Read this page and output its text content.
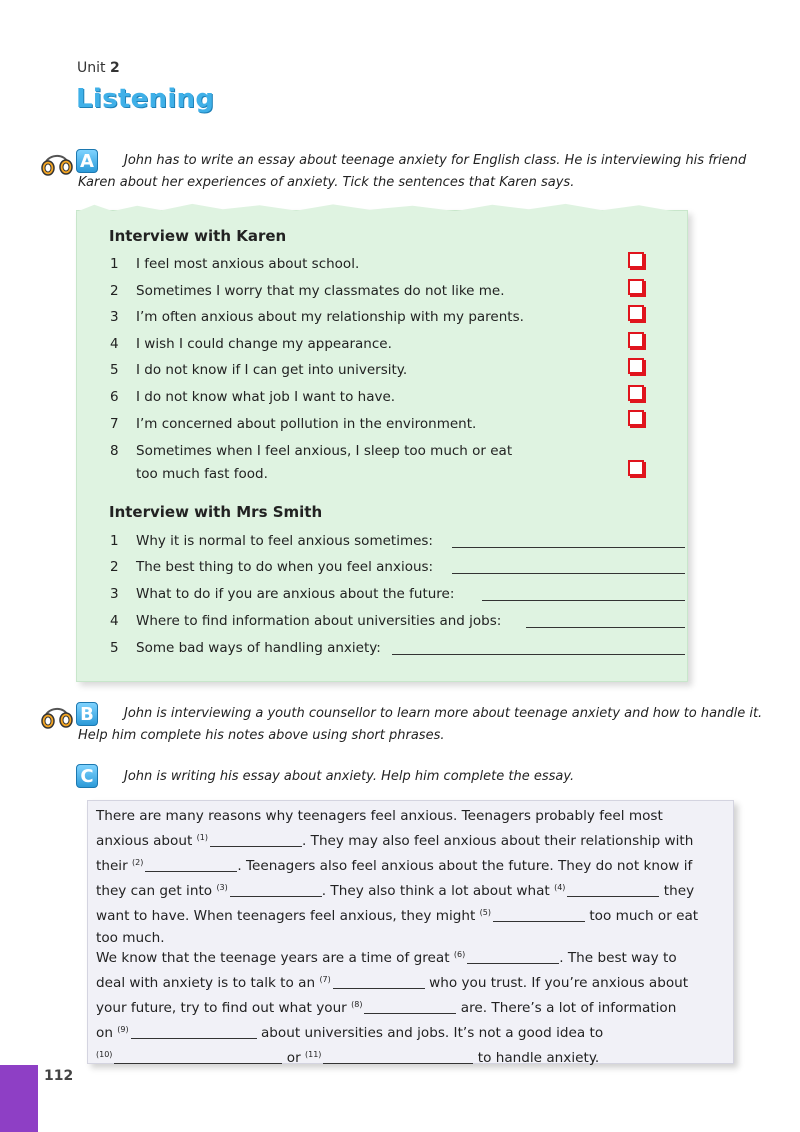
Unit 2
Listening
A	John has to write an essay about teenage anxiety for English class. He is interviewing his friend
Karen about her experiences of anxiety. Tick the sentences that Karen says.
Interview with Karen
1 I feel most anxious about school.
2 Sometimes I worry that my classmates do not like me.
3 I’m often anxious about my relationship with my parents.
4 I wish I could change my appearance.
5 I do not know if I can get into university.
6 I do not know what job I want to have.
7 I’m concerned about pollution in the environment.
8 Sometimes when I feel anxious, I sleep too much or eat
too much fast food.
Interview with Mrs Smith
1 Why it is normal to feel anxious sometimes:
2 The best thing to do when you feel anxious:
3 What to do if you are anxious about the future:
4 Where to find information about universities and jobs:
5 Some bad ways of handling anxiety:
B	John is interviewing a youth counsellor to learn more about teenage anxiety and how to handle it.
Help him complete his notes above using short phrases.
C	John is writing his essay about anxiety. Help him complete the essay.
There are many reasons why teenagers feel anxious. Teenagers probably feel most
anxious about $^{(1)}$	. They may also feel anxious about their relationship with
their $^{(2)}$	. Teenagers also feel anxious about the future. They do not know if
they can get into $^{(3)}$	. They also think a lot about what $^{(4)}$	they
want to have. When teenagers feel anxious, they might $^{(5)}$	too much or eat
too much.
We know that the teenage years are a time of great $^{(6)}$	. The best way to
deal with anxiety is to talk to an $^{(7)}$	who you trust. If you’re anxious about
your future, try to find out what your $^{(8)}$	are. There’s a lot of information
on $^{(9)}$	about universities and jobs. It’s not a good idea to
$^{(10)}$	or $^{(11)}$	to handle anxiety.
112
